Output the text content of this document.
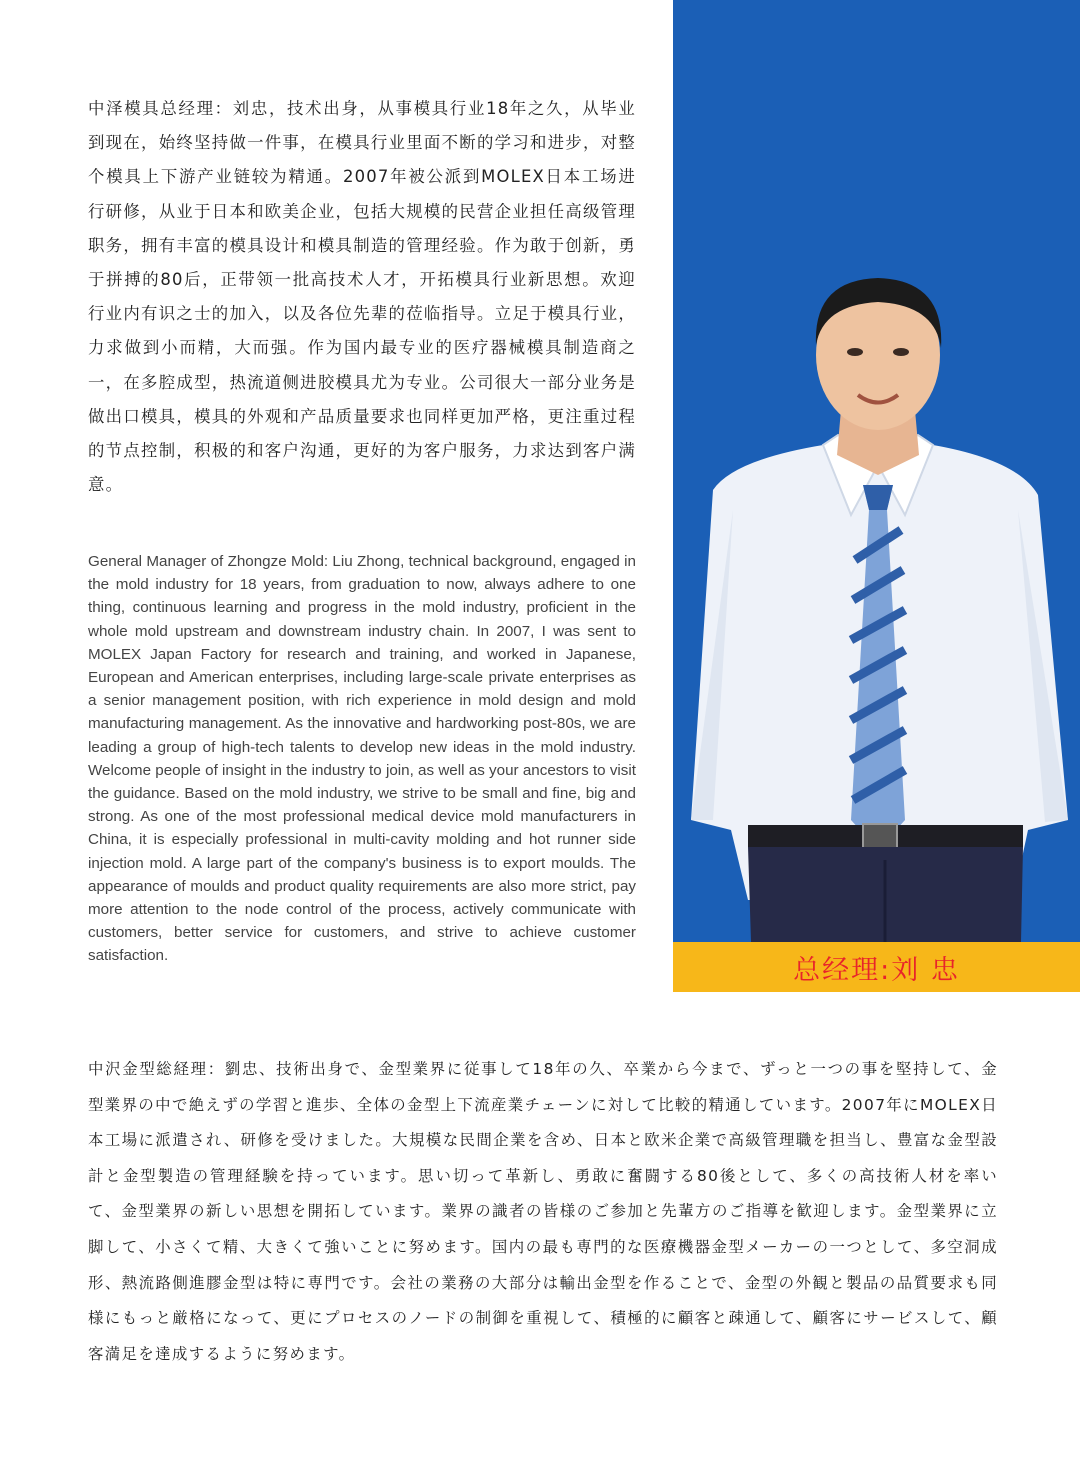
总经理:刘 忠

中泽模具总经理：刘忠，技术出身，从事模具行业18年之久，从毕业到现在，始终坚持做一件事，在模具行业里面不断的学习和进步，对整个模具上下游产业链较为精通。2007年被公派到MOLEX日本工场进行研修，从业于日本和欧美企业，包括大规模的民营企业担任高级管理职务，拥有丰富的模具设计和模具制造的管理经验。作为敢于创新，勇于拼搏的80后，正带领一批高技术人才，开拓模具行业新思想。欢迎行业内有识之士的加入，以及各位先辈的莅临指导。立足于模具行业，力求做到小而精，大而强。作为国内最专业的医疗器械模具制造商之一，在多腔成型，热流道侧进胶模具尤为专业。公司很大一部分业务是做出口模具，模具的外观和产品质量要求也同样更加严格，更注重过程的节点控制，积极的和客户沟通，更好的为客户服务，力求达到客户满意。

General Manager of Zhongze Mold: Liu Zhong, technical background, engaged in the mold industry for 18 years, from graduation to now, always adhere to one thing, continuous learning and progress in the mold industry, proficient in the whole mold upstream and downstream industry chain. In 2007, I was sent to MOLEX Japan Factory for research and training, and worked in Japanese, European and American enterprises, including large-scale private enterprises as a senior management position, with rich experience in mold design and mold manufacturing management. As the innovative and hardworking post-80s, we are leading a group of high-tech talents to develop new ideas in the mold industry. Welcome people of insight in the industry to join, as well as your ancestors to visit the guidance. Based on the mold industry, we strive to be small and fine, big and strong. As one of the most professional medical device mold manufacturers in China, it is especially professional in multi-cavity molding and hot runner side injection mold. A large part of the company's business is to export moulds. The appearance of moulds and product quality requirements are also more strict, pay more attention to the node control of the process, actively communicate with customers, better service for customers, and strive to achieve customer satisfaction.

中沢金型総経理：劉忠、技術出身で、金型業界に従事して18年の久、卒業から今まで、ずっと一つの事を堅持して、金型業界の中で絶えずの学習と進歩、全体の金型上下流産業チェーンに対して比較的精通しています。2007年にMOLEX日本工場に派遣され、研修を受けました。大規模な民間企業を含め、日本と欧米企業で高級管理職を担当し、豊富な金型設計と金型製造の管理経験を持っています。思い切って革新し、勇敢に奮闘する80後として、多くの高技術人材を率いて、金型業界の新しい思想を開拓しています。業界の識者の皆様のご参加と先輩方のご指導を歓迎します。金型業界に立脚して、小さくて精、大きくて強いことに努めます。国内の最も専門的な医療機器金型メーカーの一つとして、多空洞成形、熱流路側進膠金型は特に専門です。会社の業務の大部分は輸出金型を作ることで、金型の外観と製品の品質要求も同様にもっと厳格になって、更にプロセスのノードの制御を重視して、積極的に顧客と疎通して、顧客にサービスして、顧客満足を達成するように努めます。
